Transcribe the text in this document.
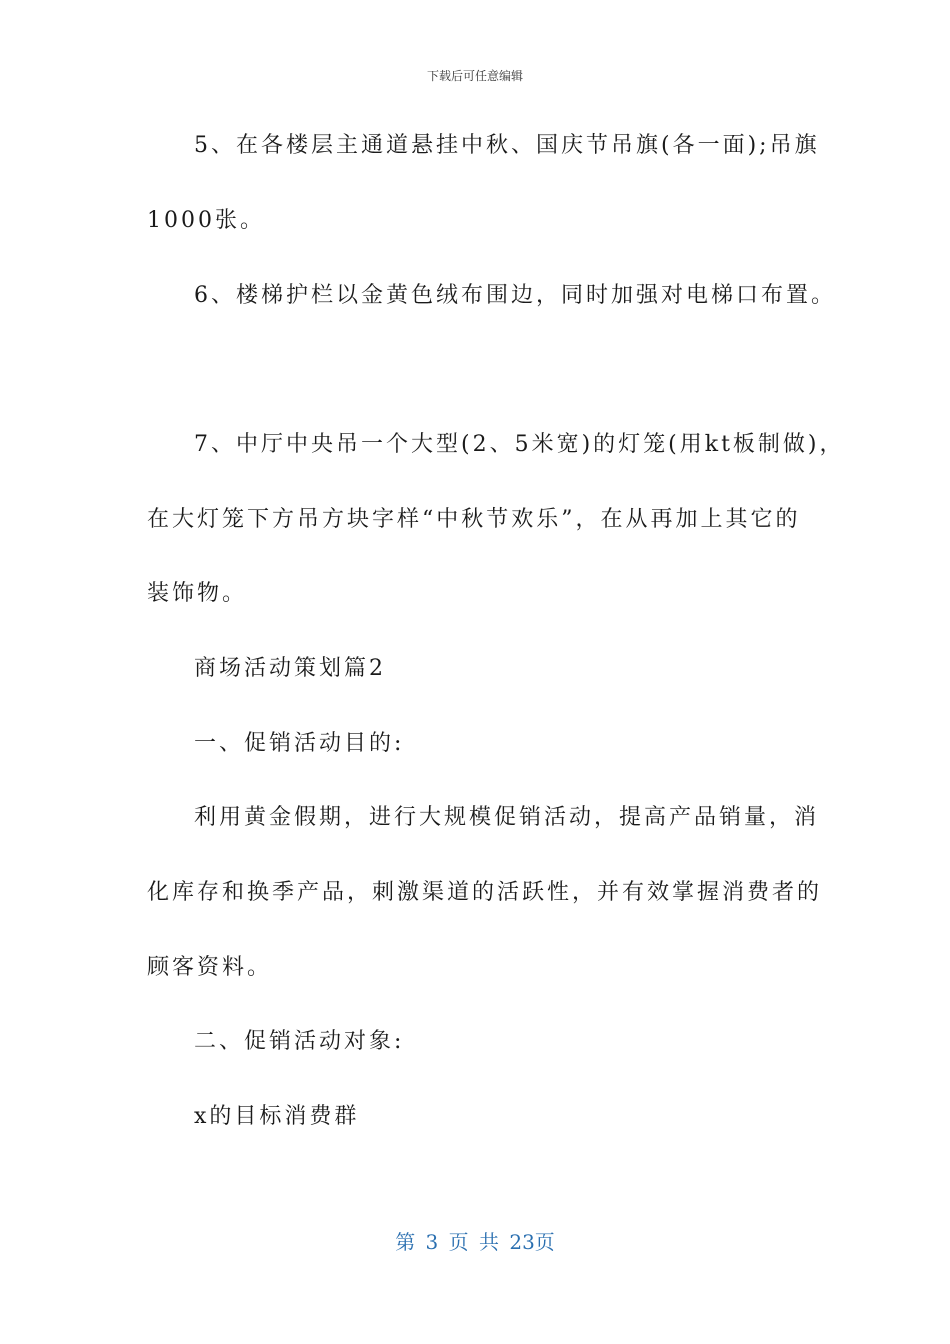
下载后可任意编辑
5、在各楼层主通道悬挂中秋、国庆节吊旗(各一面);吊旗
1000张。
6、楼梯护栏以金黄色绒布围边，同时加强对电梯口布置。
7、中厅中央吊一个大型(2、5米宽)的灯笼(用kt板制做)，
在大灯笼下方吊方块字样“中秋节欢乐”，在从再加上其它的
装饰物。
商场活动策划篇2
一、促销活动目的:
利用黄金假期，进行大规模促销活动，提高产品销量，消
化库存和换季产品，刺激渠道的活跃性，并有效掌握消费者的
顾客资料。
二、促销活动对象:
x的目标消费群
第 3 页 共 23页
